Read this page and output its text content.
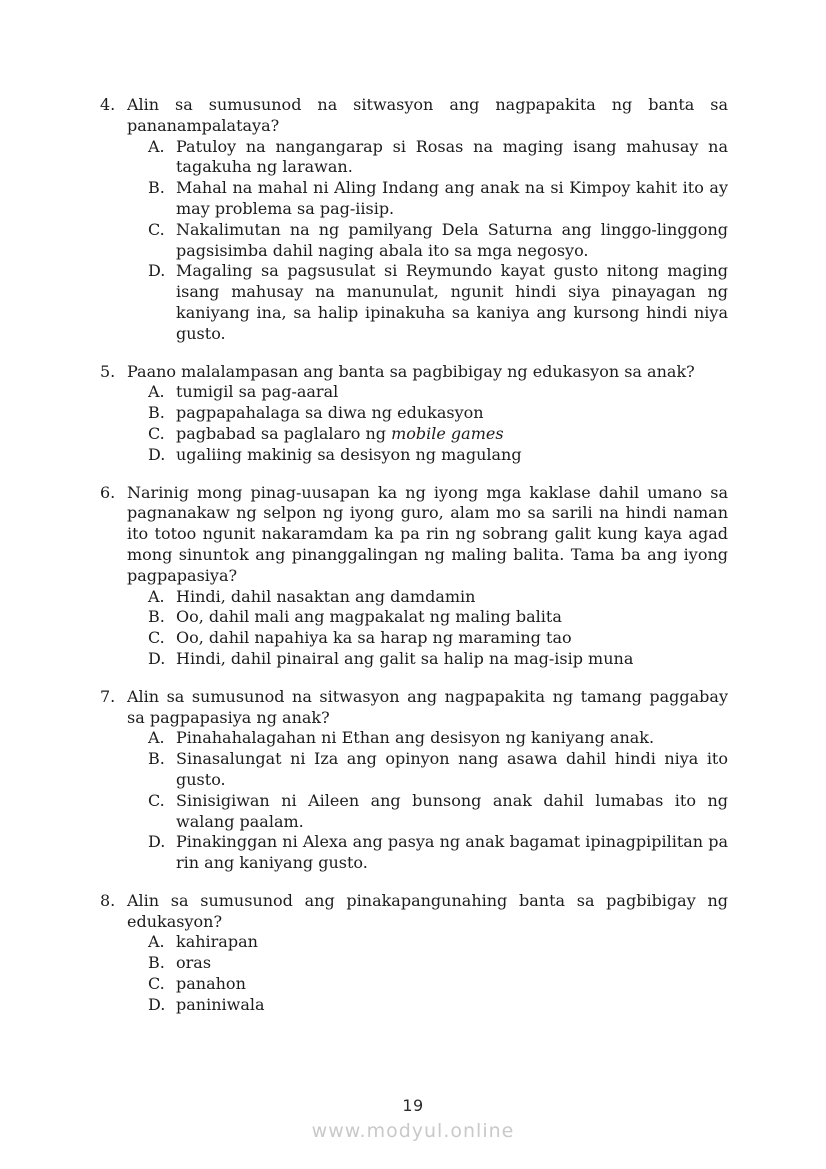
4. Alin sa sumusunod na sitwasyon ang nagpapakita ng banta sa pananampalataya?
A. Patuloy na nangangarap si Rosas na maging isang mahusay na tagakuha ng larawan.
B. Mahal na mahal ni Aling Indang ang anak na si Kimpoy kahit ito ay may problema sa pag-iisip.
C. Nakalimutan na ng pamilyang Dela Saturna ang linggo-linggong pagsisimba dahil naging abala ito sa mga negosyo.
D. Magaling sa pagsusulat si Reymundo kayat gusto nitong maging isang mahusay na manunulat, ngunit hindi siya pinayagan ng kaniyang ina, sa halip ipinakuha sa kaniya ang kursong hindi niya gusto.
5. Paano malalampasan ang banta sa pagbibigay ng edukasyon sa anak?
A. tumigil sa pag-aaral
B. pagpapahalaga sa diwa ng edukasyon
C. pagbabad sa paglalaro ng mobile games
D. ugaliing makinig sa desisyon ng magulang
6. Narinig mong pinag-uusapan ka ng iyong mga kaklase dahil umano sa pagnanakaw ng selpon ng iyong guro, alam mo sa sarili na hindi naman ito totoo ngunit nakaramdam ka pa rin ng sobrang galit kung kaya agad mong sinuntok ang pinanggalingan ng maling balita. Tama ba ang iyong pagpapasiya?
A. Hindi, dahil nasaktan ang damdamin
B. Oo, dahil mali ang magpakalat ng maling balita
C. Oo, dahil napahiya ka sa harap ng maraming tao
D. Hindi, dahil pinairal ang galit sa halip na mag-isip muna
7. Alin sa sumusunod na sitwasyon ang nagpapakita ng tamang paggabay sa pagpapasiya ng anak?
A. Pinahahalagahan ni Ethan ang desisyon ng kaniyang anak.
B. Sinasalungat ni Iza ang opinyon nang asawa dahil hindi niya ito gusto.
C. Sinisigiwan ni Aileen ang bunsong anak dahil lumabas ito ng walang paalam.
D. Pinakinggan ni Alexa ang pasya ng anak bagamat ipinagpipilitan pa rin ang kaniyang gusto.
8. Alin sa sumusunod ang pinakapangunahing banta sa pagbibigay ng edukasyon?
A. kahirapan
B. oras
C. panahon
D. paniniwala
19
www.modyul.online
